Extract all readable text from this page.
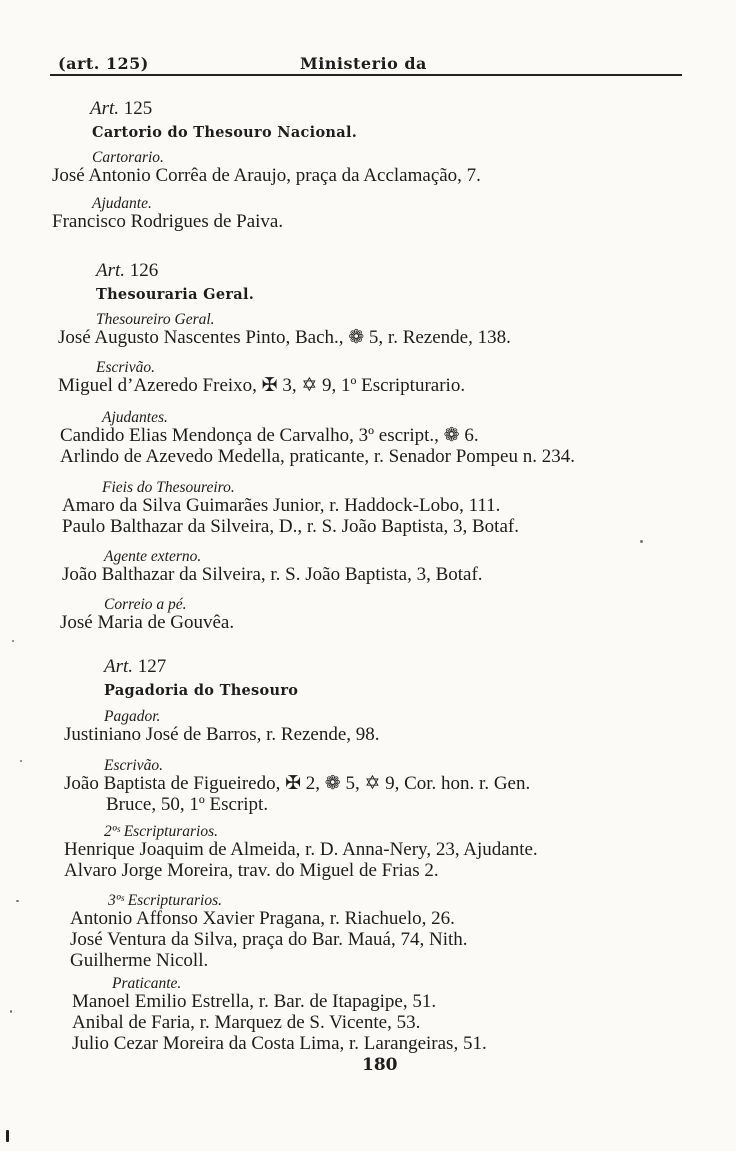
(art. 125)	Ministerio da
Art. 125
Cartorio do Thesouro Nacional.
Cartorario.
José Antonio Corrêa de Araujo, praça da Acclamação, 7.
Ajudante.
Francisco Rodrigues de Paiva.
Art. 126
Thesouraria Geral.
Thesoureiro Geral.
José Augusto Nascentes Pinto, Bach., ❁ 5, r. Rezende, 138.
Escrivão.
Miguel d’Azeredo Freixo, ✠ 3, ✡ 9, 1º Escripturario.
Ajudantes.
Candido Elias Mendonça de Carvalho, 3º escript., ❁ 6.
Arlindo de Azevedo Medella, praticante, r. Senador Pompeu n. 234.
Fieis do Thesoureiro.
Amaro da Silva Guimarães Junior, r. Haddock-Lobo, 111.
Paulo Balthazar da Silveira, D., r. S. João Baptista, 3, Botaf.
Agente externo.
João Balthazar da Silveira, r. S. João Baptista, 3, Botaf.
Correio a pé.
José Maria de Gouvêa.
Art. 127
Pagadoria do Thesouro
Pagador.
Justiniano José de Barros, r. Rezende, 98.
Escrivão.
João Baptista de Figueiredo, ✠ 2, ❁ 5, ✡ 9, Cor. hon. r. Gen.
Bruce, 50, 1º Escript.
2ºˢ Escripturarios.
Henrique Joaquim de Almeida, r. D. Anna-Nery, 23, Ajudante.
Alvaro Jorge Moreira, trav. do Miguel de Frias 2.
3ºˢ Escripturarios.
Antonio Affonso Xavier Pragana, r. Riachuelo, 26.
José Ventura da Silva, praça do Bar. Mauá, 74, Nith.
Guilherme Nicoll.
Praticante.
Manoel Emilio Estrella, r. Bar. de Itapagipe, 51.
Anibal de Faria, r. Marquez de S. Vicente, 53.
Julio Cezar Moreira da Costa Lima, r. Larangeiras, 51.
180
